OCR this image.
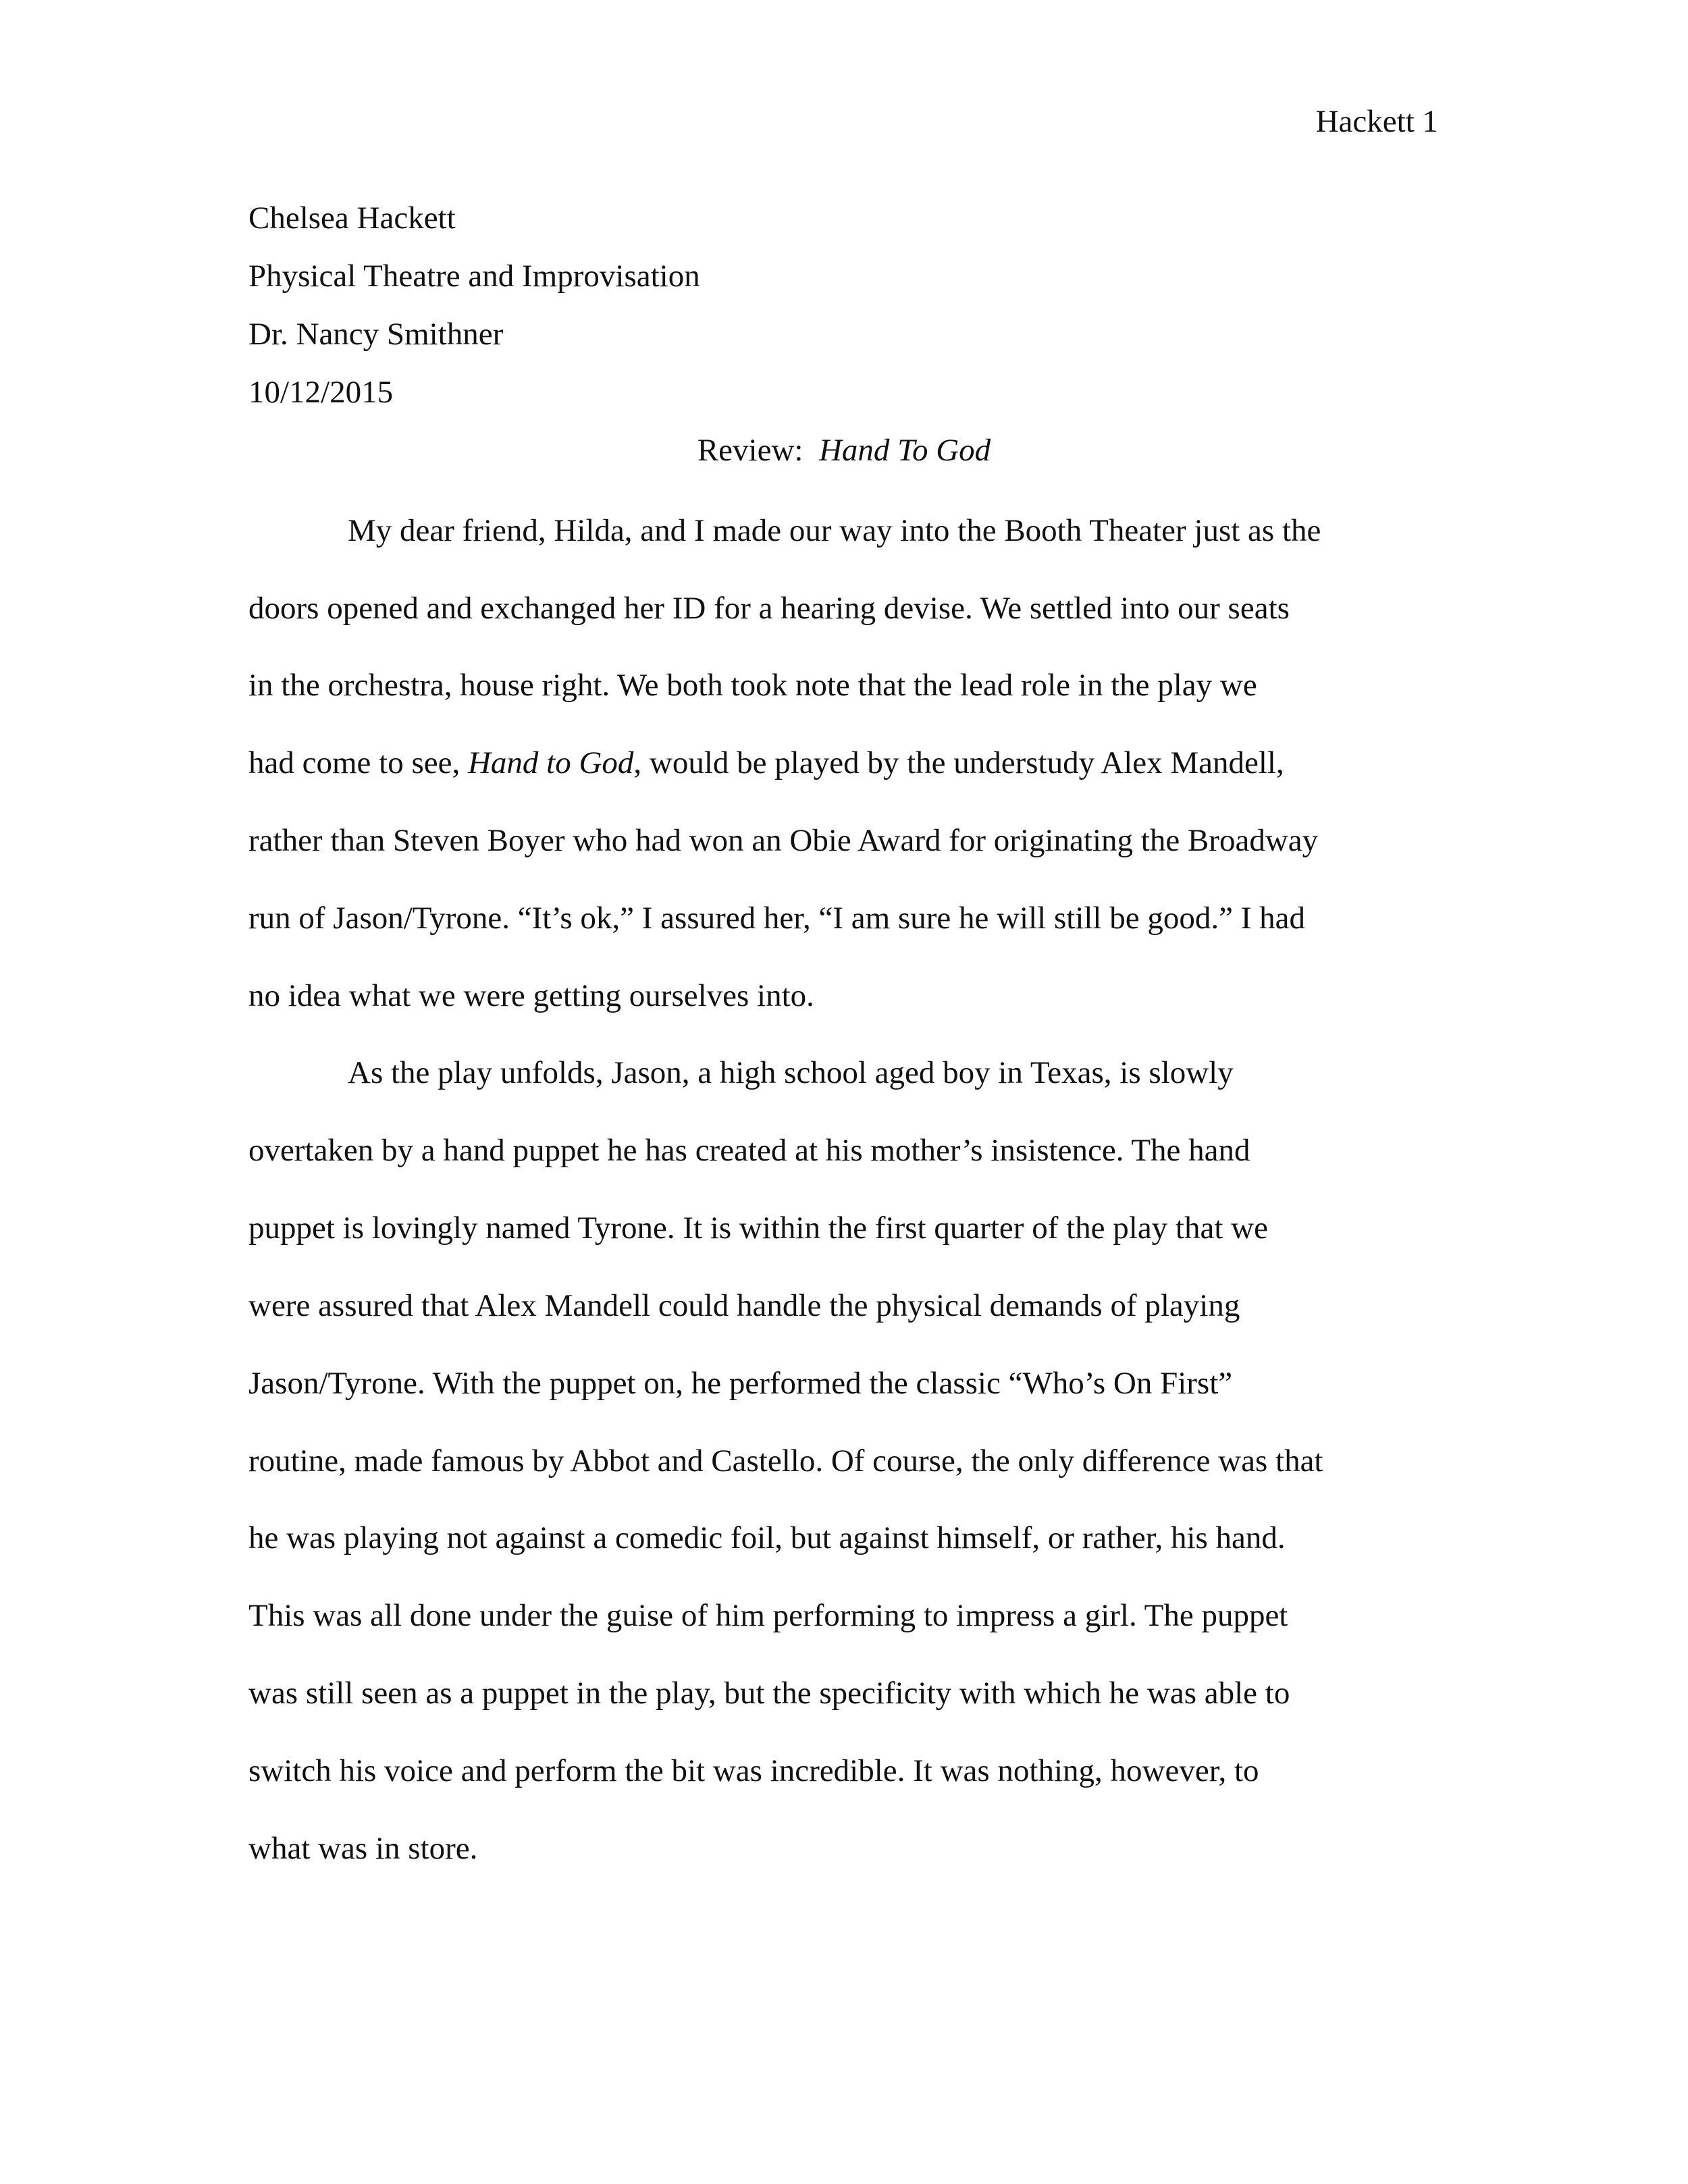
Hackett 1
Chelsea Hackett
Physical Theatre and Improvisation
Dr. Nancy Smithner
10/12/2015
Review: Hand To God
My dear friend, Hilda, and I made our way into the Booth Theater just as the
doors opened and exchanged her ID for a hearing devise. We settled into our seats
in the orchestra, house right. We both took note that the lead role in the play we
had come to see, Hand to God, would be played by the understudy Alex Mandell,
rather than Steven Boyer who had won an Obie Award for originating the Broadway
run of Jason/Tyrone. “It’s ok,” I assured her, “I am sure he will still be good.” I had
no idea what we were getting ourselves into.
As the play unfolds, Jason, a high school aged boy in Texas, is slowly
overtaken by a hand puppet he has created at his mother’s insistence. The hand
puppet is lovingly named Tyrone. It is within the first quarter of the play that we
were assured that Alex Mandell could handle the physical demands of playing
Jason/Tyrone. With the puppet on, he performed the classic “Who’s On First”
routine, made famous by Abbot and Castello. Of course, the only difference was that
he was playing not against a comedic foil, but against himself, or rather, his hand.
This was all done under the guise of him performing to impress a girl. The puppet
was still seen as a puppet in the play, but the specificity with which he was able to
switch his voice and perform the bit was incredible. It was nothing, however, to
what was in store.
